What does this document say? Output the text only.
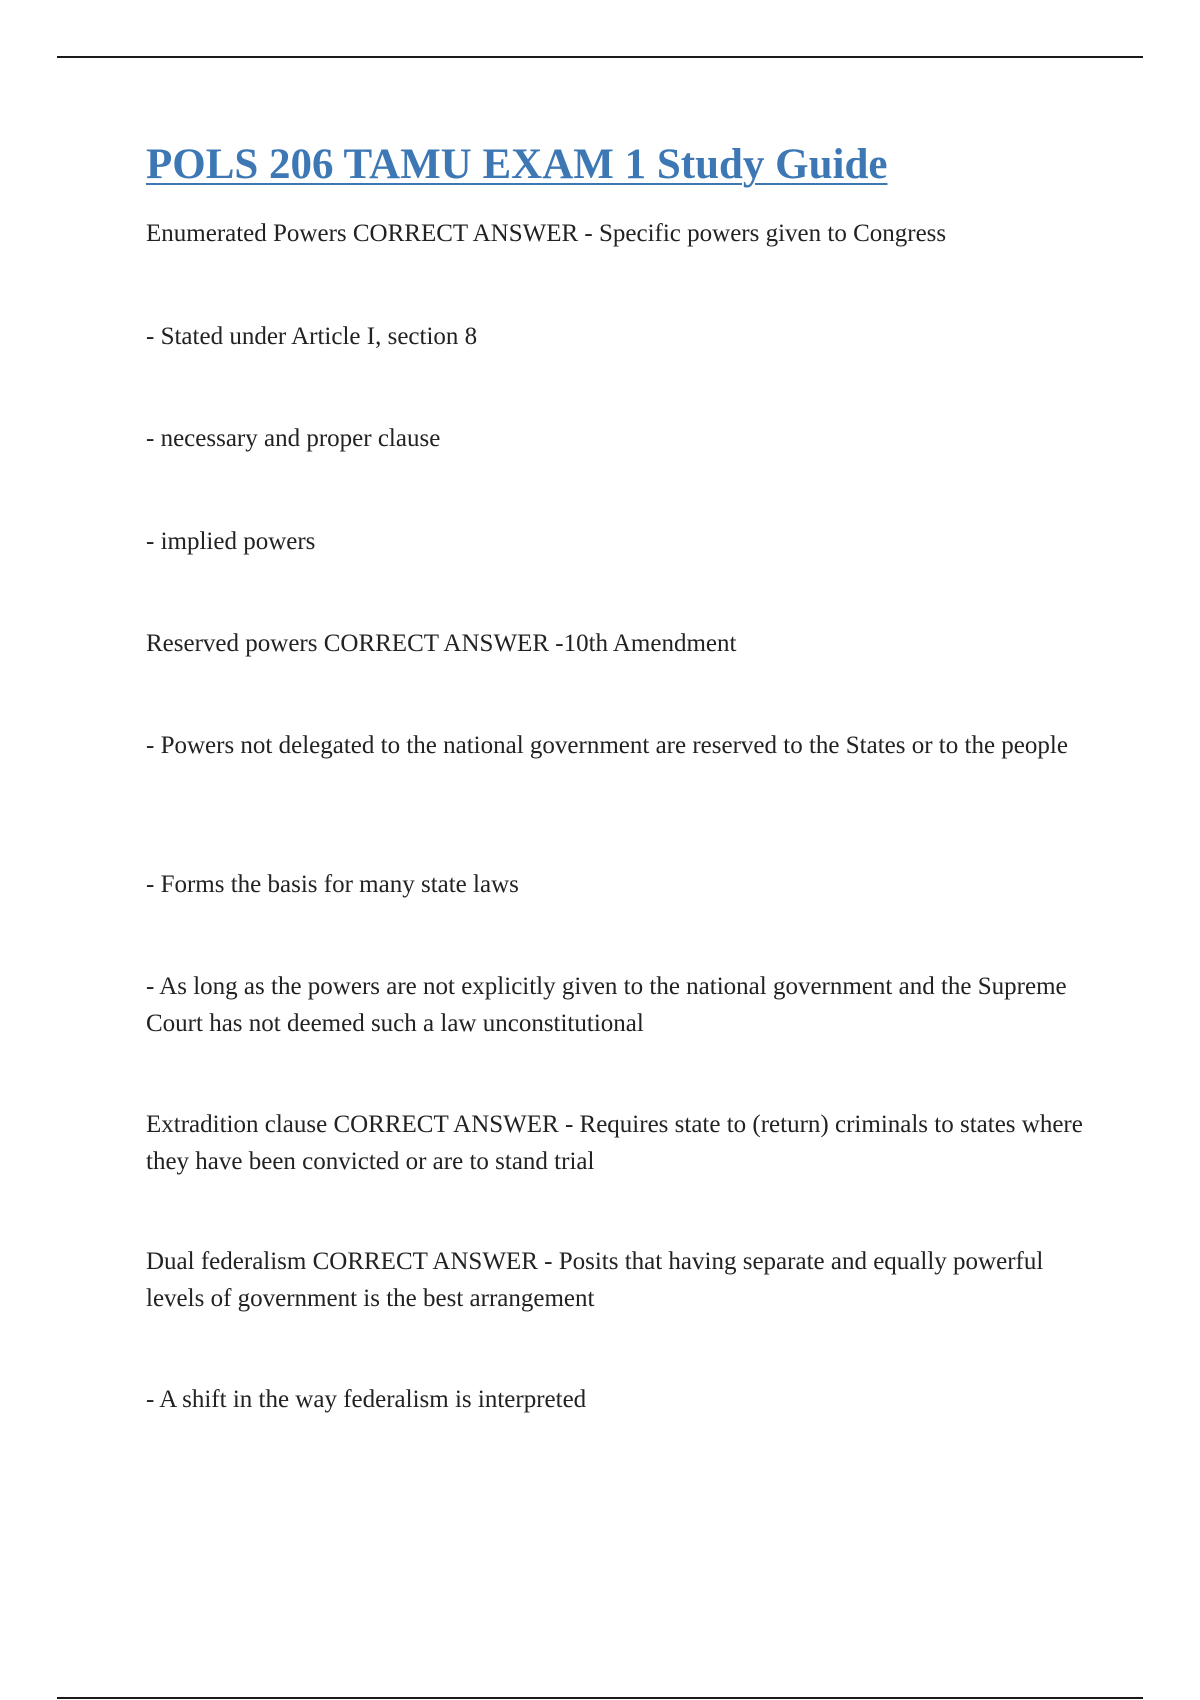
POLS 206 TAMU EXAM 1 Study Guide

Enumerated Powers CORRECT ANSWER - Specific powers given to Congress

- Stated under Article I, section 8

- necessary and proper clause

- implied powers

Reserved powers CORRECT ANSWER -10th Amendment

- Powers not delegated to the national government are reserved to the States or to the people

- Forms the basis for many state laws

- As long as the powers are not explicitly given to the national government and the Supreme Court has not deemed such a law unconstitutional

Extradition clause CORRECT ANSWER - Requires state to (return) criminals to states where they have been convicted or are to stand trial

Dual federalism CORRECT ANSWER - Posits that having separate and equally powerful levels of government is the best arrangement

- A shift in the way federalism is interpreted
